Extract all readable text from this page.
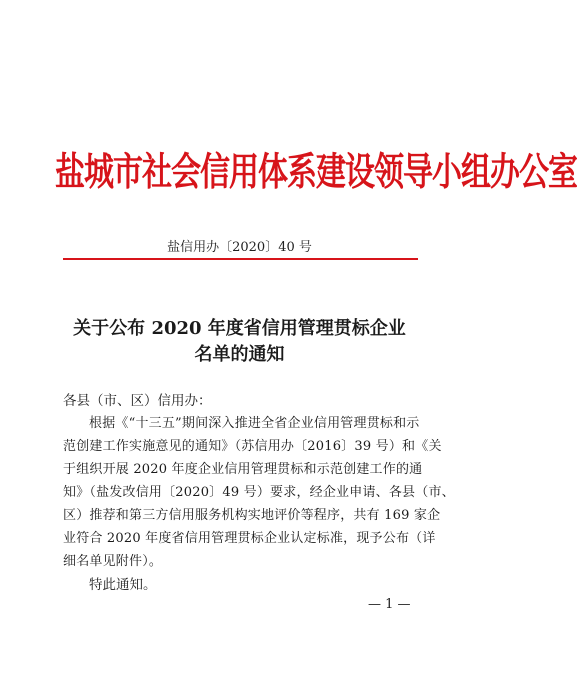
盐城市社会信用体系建设领导小组办公室
盐信用办〔2020〕40 号
关于公布 2020 年度省信用管理贯标企业
名单的通知
各县（市、区）信用办：
根据《“十三五”期间深入推进全省企业信用管理贯标和示
范创建工作实施意见的通知》（苏信用办〔2016〕39 号）和《关
于组织开展 2020 年度企业信用管理贯标和示范创建工作的通
知》（盐发改信用〔2020〕49 号）要求，经企业申请、各县（市、
区）推荐和第三方信用服务机构实地评价等程序，共有 169 家企
业符合 2020 年度省信用管理贯标企业认定标准，现予公布（详
细名单见附件）。
特此通知。
— 1 —
